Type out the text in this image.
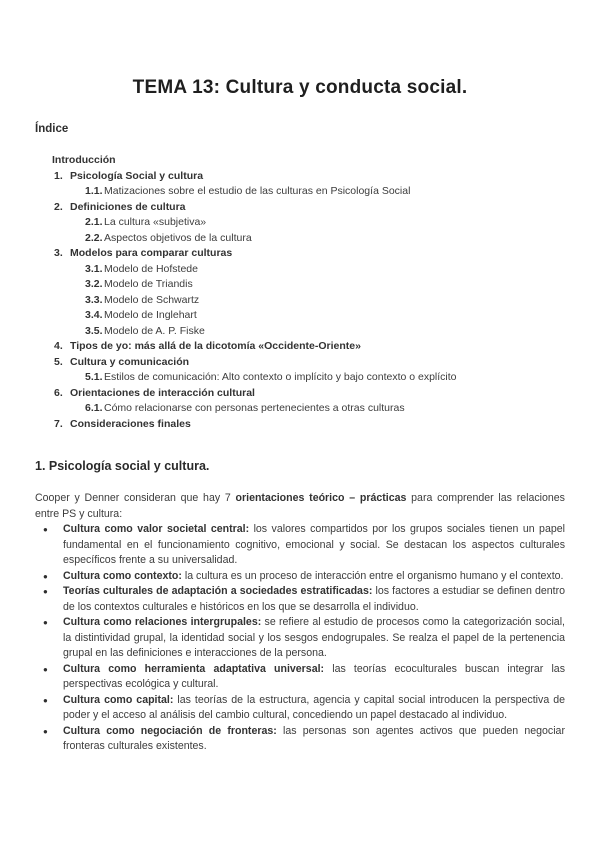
TEMA 13: Cultura y conducta social.
Índice
Introducción
1. Psicología Social y cultura
1.1. Matizaciones sobre el estudio de las culturas en Psicología Social
2. Definiciones de cultura
2.1. La cultura «subjetiva»
2.2. Aspectos objetivos de la cultura
3. Modelos para comparar culturas
3.1. Modelo de Hofstede
3.2. Modelo de Triandis
3.3. Modelo de Schwartz
3.4. Modelo de Inglehart
3.5. Modelo de A. P. Fiske
4. Tipos de yo: más allá de la dicotomía «Occidente-Oriente»
5. Cultura y comunicación
5.1. Estilos de comunicación: Alto contexto o implícito y bajo contexto o explícito
6. Orientaciones de interacción cultural
6.1. Cómo relacionarse con personas pertenecientes a otras culturas
7. Consideraciones finales
1. Psicología social y cultura.

Cooper y Denner consideran que hay 7 orientaciones teórico – prácticas para comprender las relaciones entre PS y cultura:

● Cultura como valor societal central: los valores compartidos por los grupos sociales tienen un papel fundamental en el funcionamiento cognitivo, emocional y social. Se destacan los aspectos culturales específicos frente a su universalidad.
● Cultura como contexto: la cultura es un proceso de interacción entre el organismo humano y el contexto.
● Teorías culturales de adaptación a sociedades estratificadas: los factores a estudiar se definen dentro de los contextos culturales e históricos en los que se desarrolla el individuo.
● Cultura como relaciones intergrupales: se refiere al estudio de procesos como la categorización social, la distintividad grupal, la identidad social y los sesgos endogrupales. Se realza el papel de la pertenencia grupal en las definiciones e interacciones de la persona.
● Cultura como herramienta adaptativa universal: las teorías ecoculturales buscan integrar las perspectivas ecológica y cultural.
● Cultura como capital: las teorías de la estructura, agencia y capital social introducen la perspectiva de poder y el acceso al análisis del cambio cultural, concediendo un papel destacado al individuo.
● Cultura como negociación de fronteras: las personas son agentes activos que pueden negociar fronteras culturales existentes.
